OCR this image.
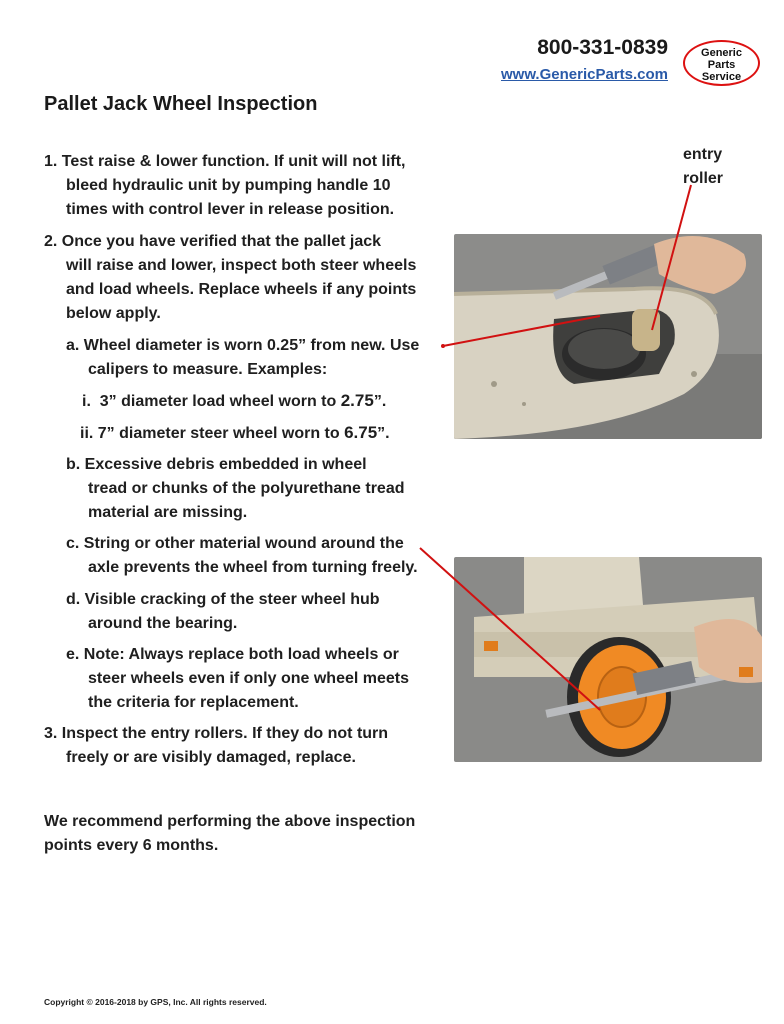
800-331-0839
www.GenericParts.com
Generic
Parts
Service
Pallet Jack Wheel Inspection
1. Test raise & lower function. If unit will not lift,
bleed hydraulic unit by pumping handle 10
times with control lever in release position.
2. Once you have verified that the pallet jack
will raise and lower, inspect both steer wheels
and load wheels. Replace wheels if any points
below apply.
a. Wheel diameter is worn 0.25” from new. Use
calipers to measure. Examples:
i.  3” diameter load wheel worn to 2.75”.
ii. 7” diameter steer wheel worn to 6.75”.
b. Excessive debris embedded in wheel
tread or chunks of the polyurethane tread
material are missing.
c. String or other material wound around the
axle prevents the wheel from turning freely.
d. Visible cracking of the steer wheel hub
around the bearing.
e. Note: Always replace both load wheels or
steer wheels even if only one wheel meets
the criteria for replacement.
3. Inspect the entry rollers. If they do not turn
freely or are visibly damaged, replace.
We recommend performing the above inspection
points every 6 months.
entry
roller
Copyright © 2016-2018 by GPS, Inc. All rights reserved.
